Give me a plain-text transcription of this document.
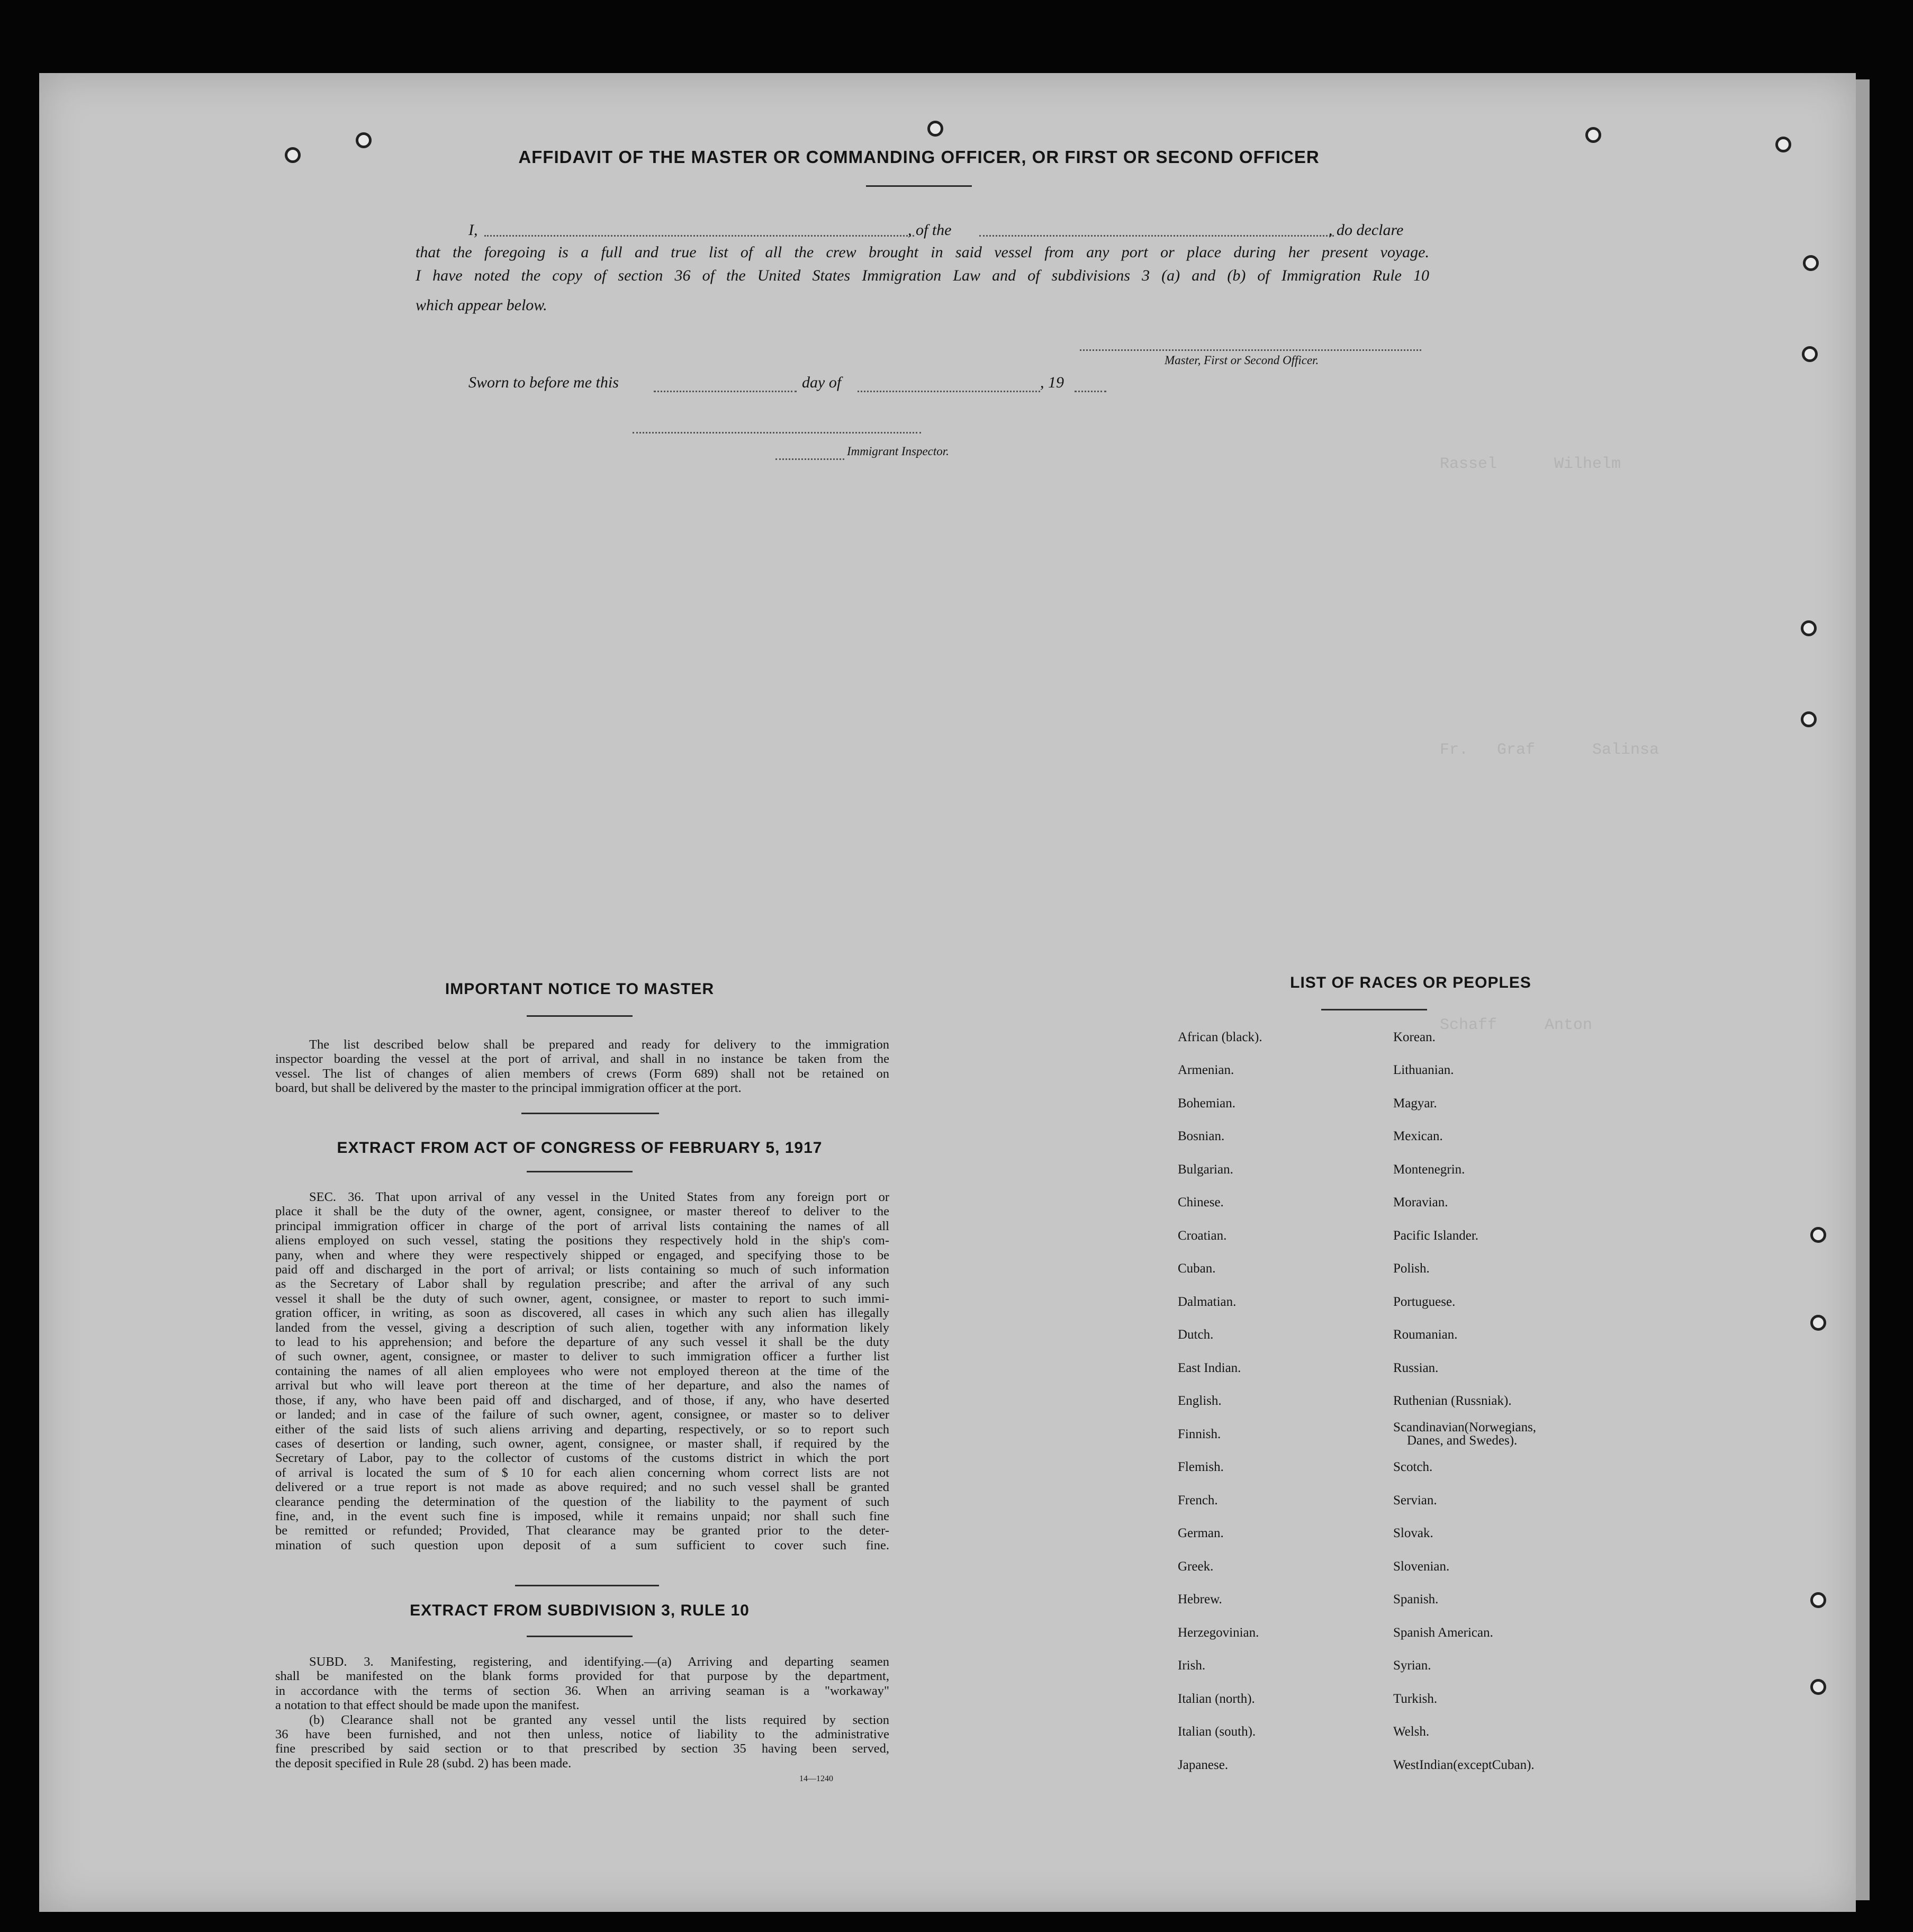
Rassel      Wilhelm
Fr.   Graf      Salinsa
Schaff     Anton
AFFIDAVIT OF THE MASTER OR COMMANDING OFFICER, OR FIRST OR SECOND OFFICER
I,	, of the	, do declare
that the foregoing is a full and true list of all the crew brought in said vessel from any port or place during her present voyage.
I have noted the copy of section 36 of the United States Immigration Law and of subdivisions 3 (a) and (b) of Immigration Rule 10
which appear below.
Master, First or Second Officer.
Sworn to before me this	day of	, 19
Immigrant Inspector.
IMPORTANT NOTICE TO MASTER
The list described below shall be prepared and ready for delivery to the immigration
inspector boarding the vessel at the port of arrival, and shall in no instance be taken from the
vessel. The list of changes of alien members of crews (Form 689) shall not be retained on
board, but shall be delivered by the master to the principal immigration officer at the port.
EXTRACT FROM ACT OF CONGRESS OF FEBRUARY 5, 1917
SEC. 36. That upon arrival of any vessel in the United States from any foreign port or
place it shall be the duty of the owner, agent, consignee, or master thereof to deliver to the
principal immigration officer in charge of the port of arrival lists containing the names of all
aliens employed on such vessel, stating the positions they respectively hold in the ship's com-
pany, when and where they were respectively shipped or engaged, and specifying those to be
paid off and discharged in the port of arrival; or lists containing so much of such information
as the Secretary of Labor shall by regulation prescribe; and after the arrival of any such
vessel it shall be the duty of such owner, agent, consignee, or master to report to such immi-
gration officer, in writing, as soon as discovered, all cases in which any such alien has illegally
landed from the vessel, giving a description of such alien, together with any information likely
to lead to his apprehension; and before the departure of any such vessel it shall be the duty
of such owner, agent, consignee, or master to deliver to such immigration officer a further list
containing the names of all alien employees who were not employed thereon at the time of the
arrival but who will leave port thereon at the time of her departure, and also the names of
those, if any, who have been paid off and discharged, and of those, if any, who have deserted
or landed; and in case of the failure of such owner, agent, consignee, or master so to deliver
either of the said lists of such aliens arriving and departing, respectively, or so to report such
cases of desertion or landing, such owner, agent, consignee, or master shall, if required by the
Secretary of Labor, pay to the collector of customs of the customs district in which the port
of arrival is located the sum of $ 10 for each alien concerning whom correct lists are not
delivered or a true report is not made as above required; and no such vessel shall be granted
clearance pending the determination of the question of the liability to the payment of such
fine, and, in the event such fine is imposed, while it remains unpaid; nor shall such fine
be remitted or refunded; Provided, That clearance may be granted prior to the deter-
mination of such question upon deposit of a sum sufficient to cover such fine.
EXTRACT FROM SUBDIVISION 3, RULE 10
SUBD. 3. Manifesting, registering, and identifying.—(a) Arriving and departing seamen
shall be manifested on the blank forms provided for that purpose by the department,
in accordance with the terms of section 36. When an arriving seaman is a "workaway"
a notation to that effect should be made upon the manifest.
(b) Clearance shall not be granted any vessel until the lists required by section
36 have been furnished, and not then unless, notice of liability to the administrative
fine prescribed by said section or to that prescribed by section 35 having been served,
the deposit specified in Rule 28 (subd. 2) has been made.
14—1240
LIST OF RACES OR PEOPLES
African (black).
Armenian.
Bohemian.
Bosnian.
Bulgarian.
Chinese.
Croatian.
Cuban.
Dalmatian.
Dutch.
East Indian.
English.
Finnish.
Flemish.
French.
German.
Greek.
Hebrew.
Herzegovinian.
Irish.
Italian (north).
Italian (south).
Japanese.
Korean.
Lithuanian.
Magyar.
Mexican.
Montenegrin.
Moravian.
Pacific Islander.
Polish.
Portuguese.
Roumanian.
Russian.
Ruthenian (Russniak).
Scandinavian(Norwegians,
Danes, and Swedes).
Scotch.
Servian.
Slovak.
Slovenian.
Spanish.
Spanish American.
Syrian.
Turkish.
Welsh.
WestIndian(exceptCuban).
